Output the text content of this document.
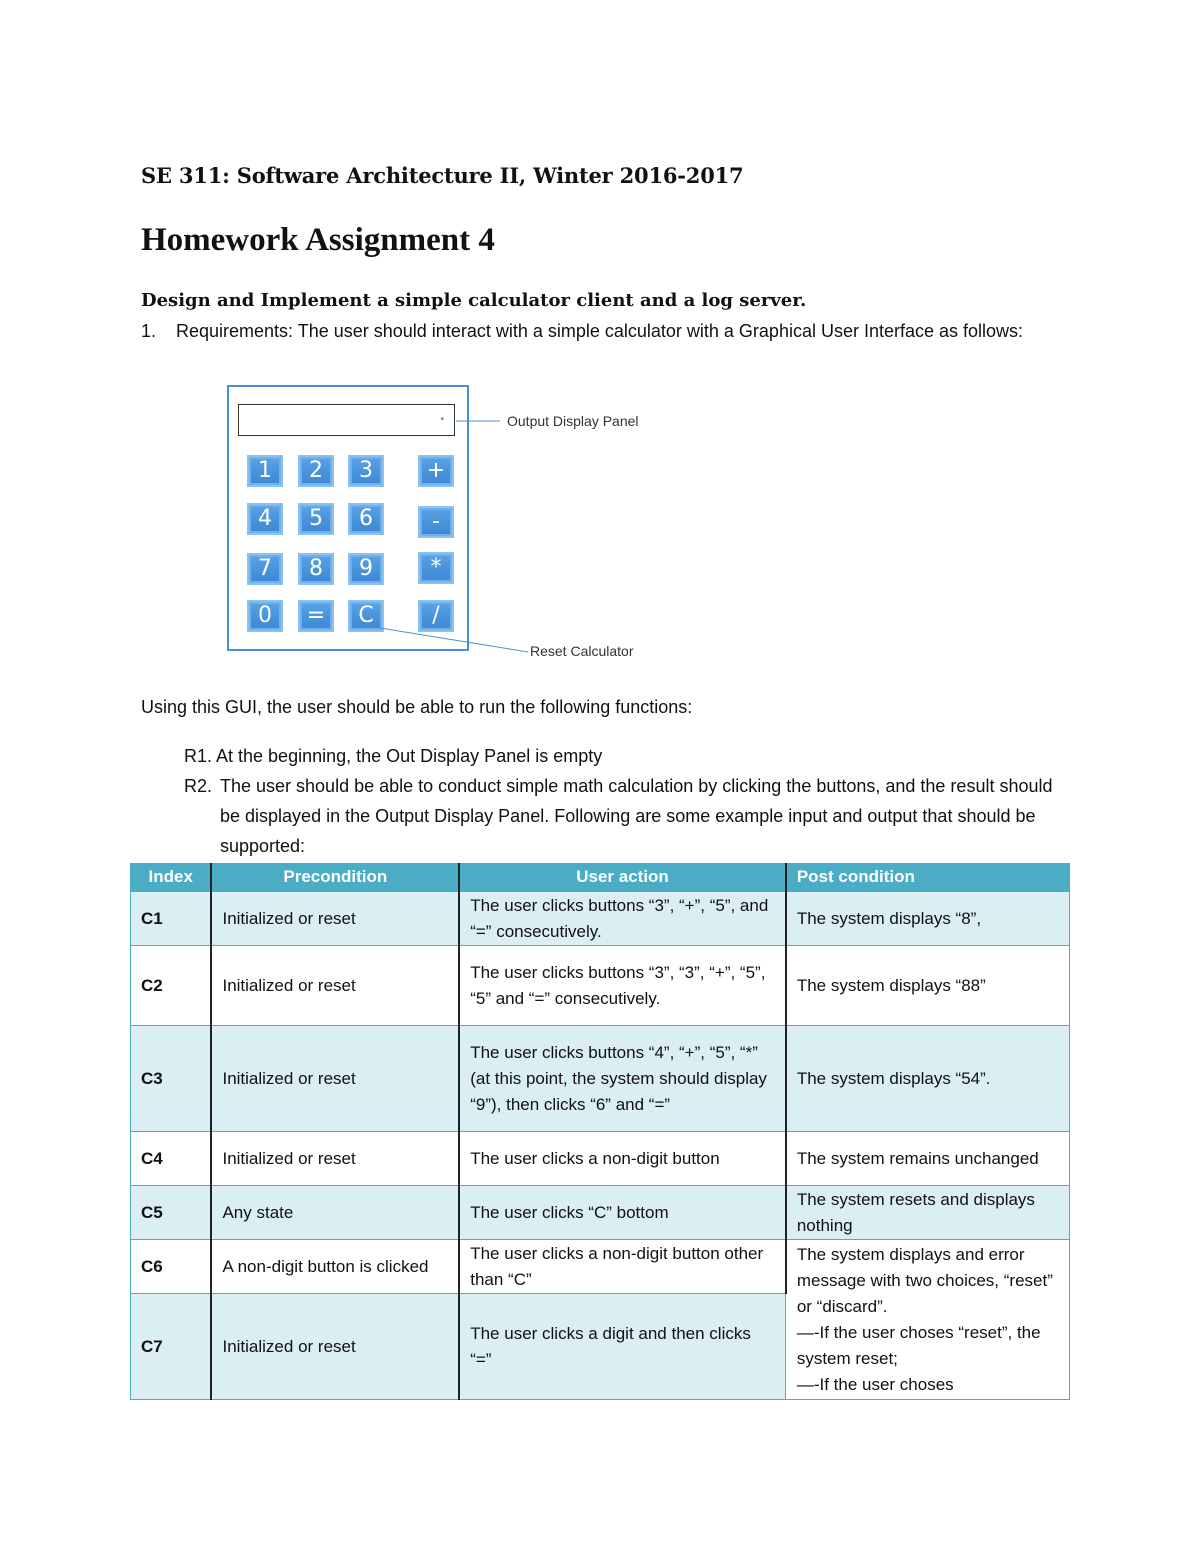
SE 311: Software Architecture II, Winter 2016-2017
Homework Assignment 4
Design and Implement a simple calculator client and a log server.
1. Requirements: The user should interact with a simple calculator with a Graphical User Interface as follows:
•
1	2	3	+
4	5	6	-
7	8	9	*
0	=	C	/
Output Display Panel
Reset Calculator
Using this GUI, the user should be able to run the following functions:
R1. At the beginning, the Out Display Panel is empty
R2. The user should be able to conduct simple math calculation by clicking the buttons, and the result should be displayed in the Output Display Panel. Following are some example input and output that should be supported:
Index	Precondition	User action	Post condition
C1	Initialized or reset	The user clicks buttons “3”, “+”, “5”, and “=” consecutively.	The system displays “8”,
C2	Initialized or reset	The user clicks buttons “3”, “3”, “+”, “5”, “5” and “=” consecutively.	The system displays “88”
C3	Initialized or reset	The user clicks buttons “4”, “+”, “5”, “*” (at this point, the system should display “9”), then clicks “6” and “=”	The system displays “54”.
C4	Initialized or reset	The user clicks a non-digit button	The system remains unchanged
C5	Any state	The user clicks “C” bottom	The system resets and displays nothing
C6	A non-digit button is clicked	The user clicks a non-digit button other than “C”	The system displays and error message with two choices, “reset” or “discard”.
—-If the user choses “reset”, the system reset;
—-If the user choses

C7	Initialized or reset	The user clicks a digit and then clicks “=”	
